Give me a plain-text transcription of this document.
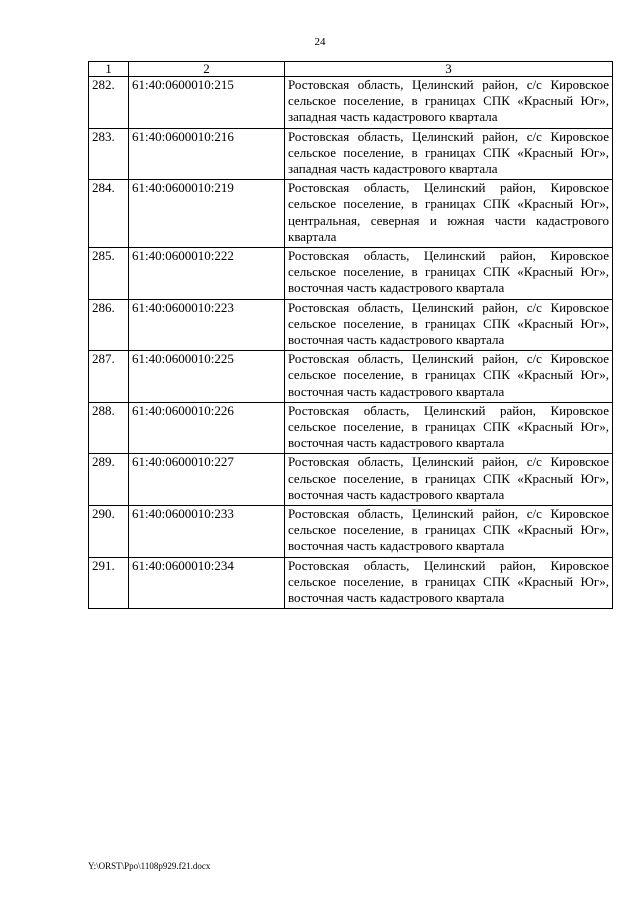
24
1	2	3
282.	61:40:0600010:215	Ростовская область, Целинский район, с/с Кировское сельское поселение, в границах СПК «Красный Юг», западная часть кадастрового квартала
283.	61:40:0600010:216	Ростовская область, Целинский район, с/с Кировское сельское поселение, в границах СПК «Красный Юг», западная часть кадастрового квартала
284.	61:40:0600010:219	Ростовская область, Целинский район, Кировское сельское поселение, в границах СПК «Красный Юг», центральная, северная и южная части кадастрового квартала
285.	61:40:0600010:222	Ростовская область, Целинский район, Кировское сельское поселение, в границах СПК «Красный Юг», восточная часть кадастрового квартала
286.	61:40:0600010:223	Ростовская область, Целинский район, с/с Кировское сельское поселение, в границах СПК «Красный Юг», восточная часть кадастрового квартала
287.	61:40:0600010:225	Ростовская область, Целинский район, с/с Кировское сельское поселение, в границах СПК «Красный Юг», восточная часть кадастрового квартала
288.	61:40:0600010:226	Ростовская область, Целинский район, Кировское сельское поселение, в границах СПК «Красный Юг», восточная часть кадастрового квартала
289.	61:40:0600010:227	Ростовская область, Целинский район, с/с Кировское сельское поселение, в границах СПК «Красный Юг», восточная часть кадастрового квартала
290.	61:40:0600010:233	Ростовская область, Целинский район, с/с Кировское сельское поселение, в границах СПК «Красный Юг», восточная часть кадастрового квартала
291.	61:40:0600010:234	Ростовская область, Целинский район, Кировское сельское поселение, в границах СПК «Красный Юг», восточная часть кадастрового квартала
Y:\ORST\Ppo\1108p929.f21.docx
